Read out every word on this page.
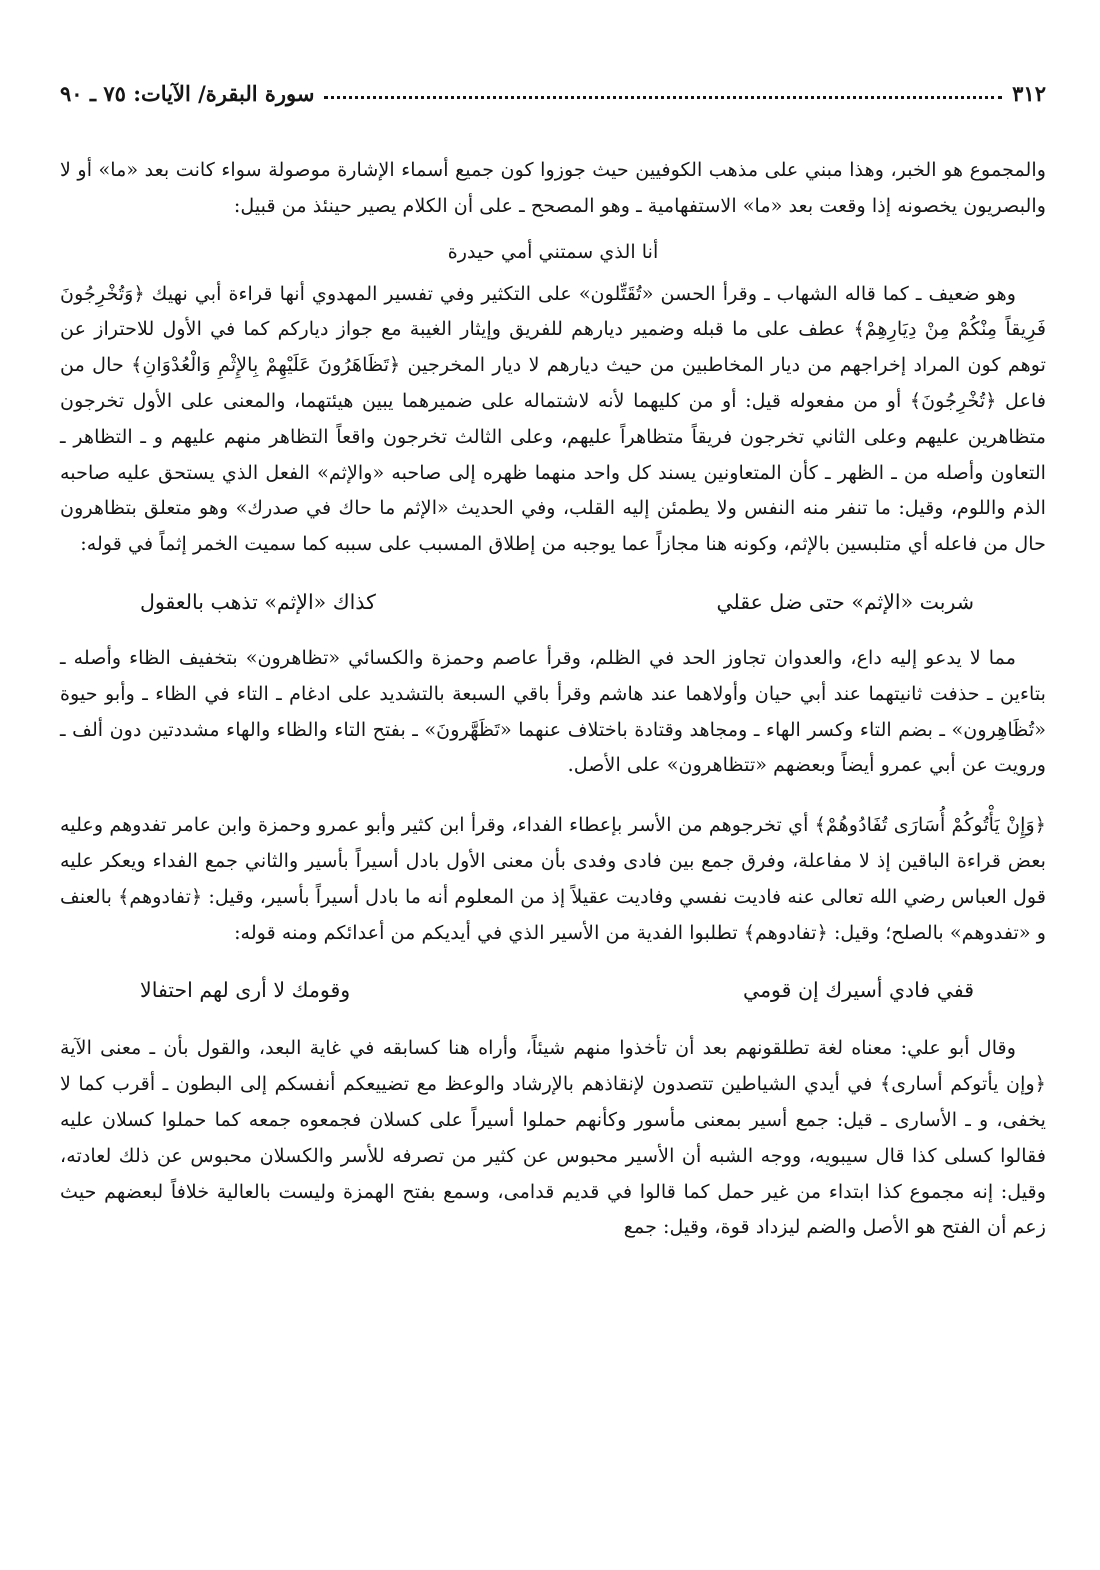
٣١٢
سورة البقرة/ الآيات: ٧٥ ـ ٩٠

والمجموع هو الخبر، وهذا مبني على مذهب الكوفيين حيث جوزوا كون جميع أسماء الإشارة موصولة سواء كانت بعد «ما» أو لا والبصريون يخصونه إذا وقعت بعد «ما» الاستفهامية ـ وهو المصحح ـ على أن الكلام يصير حينئذ من قبيل:

أنا الذي سمتني أمي حيدرة

وهو ضعيف ـ كما قاله الشهاب ـ وقرأ الحسن «تُقَتِّلون» على التكثير وفي تفسير المهدوي أنها قراءة أبي نهيك ﴿وَتُخْرِجُونَ فَرِيقاً مِنْكُمْ مِنْ دِيَارِهِمْ﴾ عطف على ما قبله وضمير ديارهم للفريق وإيثار الغيبة مع جواز دياركم كما في الأول للاحتراز عن توهم كون المراد إخراجهم من ديار المخاطبين من حيث ديارهم لا ديار المخرجين ﴿تَظَاهَرُونَ عَلَيْهِمْ بِالإِثْمِ وَالْعُدْوَانِ﴾ حال من فاعل ﴿تُخْرِجُونَ﴾ أو من مفعوله قيل: أو من كليهما لأنه لاشتماله على ضميرهما يبين هيئتهما، والمعنى على الأول تخرجون متظاهرين عليهم وعلى الثاني تخرجون فريقاً متظاهراً عليهم، وعلى الثالث تخرجون واقعاً التظاهر منهم عليهم و ـ التظاهر ـ التعاون وأصله من ـ الظهر ـ كأن المتعاونين يسند كل واحد منهما ظهره إلى صاحبه «والإثم» الفعل الذي يستحق عليه صاحبه الذم واللوم، وقيل: ما تنفر منه النفس ولا يطمئن إليه القلب، وفي الحديث «الإثم ما حاك في صدرك» وهو متعلق بتظاهرون حال من فاعله أي متلبسين بالإثم، وكونه هنا مجازاً عما يوجبه من إطلاق المسبب على سببه كما سميت الخمر إثماً في قوله:

شربت «الإثم» حتى ضل عقلي
كذاك «الإثم» تذهب بالعقول

مما لا يدعو إليه داع، والعدوان تجاوز الحد في الظلم، وقرأ عاصم وحمزة والكسائي «تظاهرون» بتخفيف الظاء وأصله ـ بتاءين ـ حذفت ثانيتهما عند أبي حيان وأولاهما عند هاشم وقرأ باقي السبعة بالتشديد على ادغام ـ التاء في الظاء ـ وأبو حيوة «تُظَاهِرون» ـ بضم التاء وكسر الهاء ـ ومجاهد وقتادة باختلاف عنهما «تَظَهَّرونَ» ـ بفتح التاء والظاء والهاء مشددتين دون ألف ـ ورويت عن أبي عمرو أيضاً وبعضهم «تتظاهرون» على الأصل.

﴿وَإِنْ يَأْتُوكُمْ أُسَارَى تُفَادُوهُمْ﴾ أي تخرجوهم من الأسر بإعطاء الفداء، وقرأ ابن كثير وأبو عمرو وحمزة وابن عامر تفدوهم وعليه بعض قراءة الباقين إذ لا مفاعلة، وفرق جمع بين فادى وفدى بأن معنى الأول بادل أسيراً بأسير والثاني جمع الفداء ويعكر عليه قول العباس رضي الله تعالى عنه فاديت نفسي وفاديت عقيلاً إذ من المعلوم أنه ما بادل أسيراً بأسير، وقيل: ﴿تفادوهم﴾ بالعنف و «تفدوهم» بالصلح؛ وقيل: ﴿تفادوهم﴾ تطلبوا الفدية من الأسير الذي في أيديكم من أعدائكم ومنه قوله:

قفي فادي أسيرك إن قومي
وقومك لا أرى لهم احتفالا

وقال أبو علي: معناه لغة تطلقونهم بعد أن تأخذوا منهم شيئاً، وأراه هنا كسابقه في غاية البعد، والقول بأن ـ معنى الآية ﴿وإن يأتوكم أسارى﴾ في أيدي الشياطين تتصدون لإنقاذهم بالإرشاد والوعظ مع تضييعكم أنفسكم إلى البطون ـ أقرب كما لا يخفى، و ـ الأسارى ـ قيل: جمع أسير بمعنى مأسور وكأنهم حملوا أسيراً على كسلان فجمعوه جمعه كما حملوا كسلان عليه فقالوا كسلى كذا قال سيبويه، ووجه الشبه أن الأسير محبوس عن كثير من تصرفه للأسر والكسلان محبوس عن ذلك لعادته، وقيل: إنه مجموع كذا ابتداء من غير حمل كما قالوا في قديم قدامى، وسمع بفتح الهمزة وليست بالعالية خلافاً لبعضهم حيث زعم أن الفتح هو الأصل والضم ليزداد قوة، وقيل: جمع
